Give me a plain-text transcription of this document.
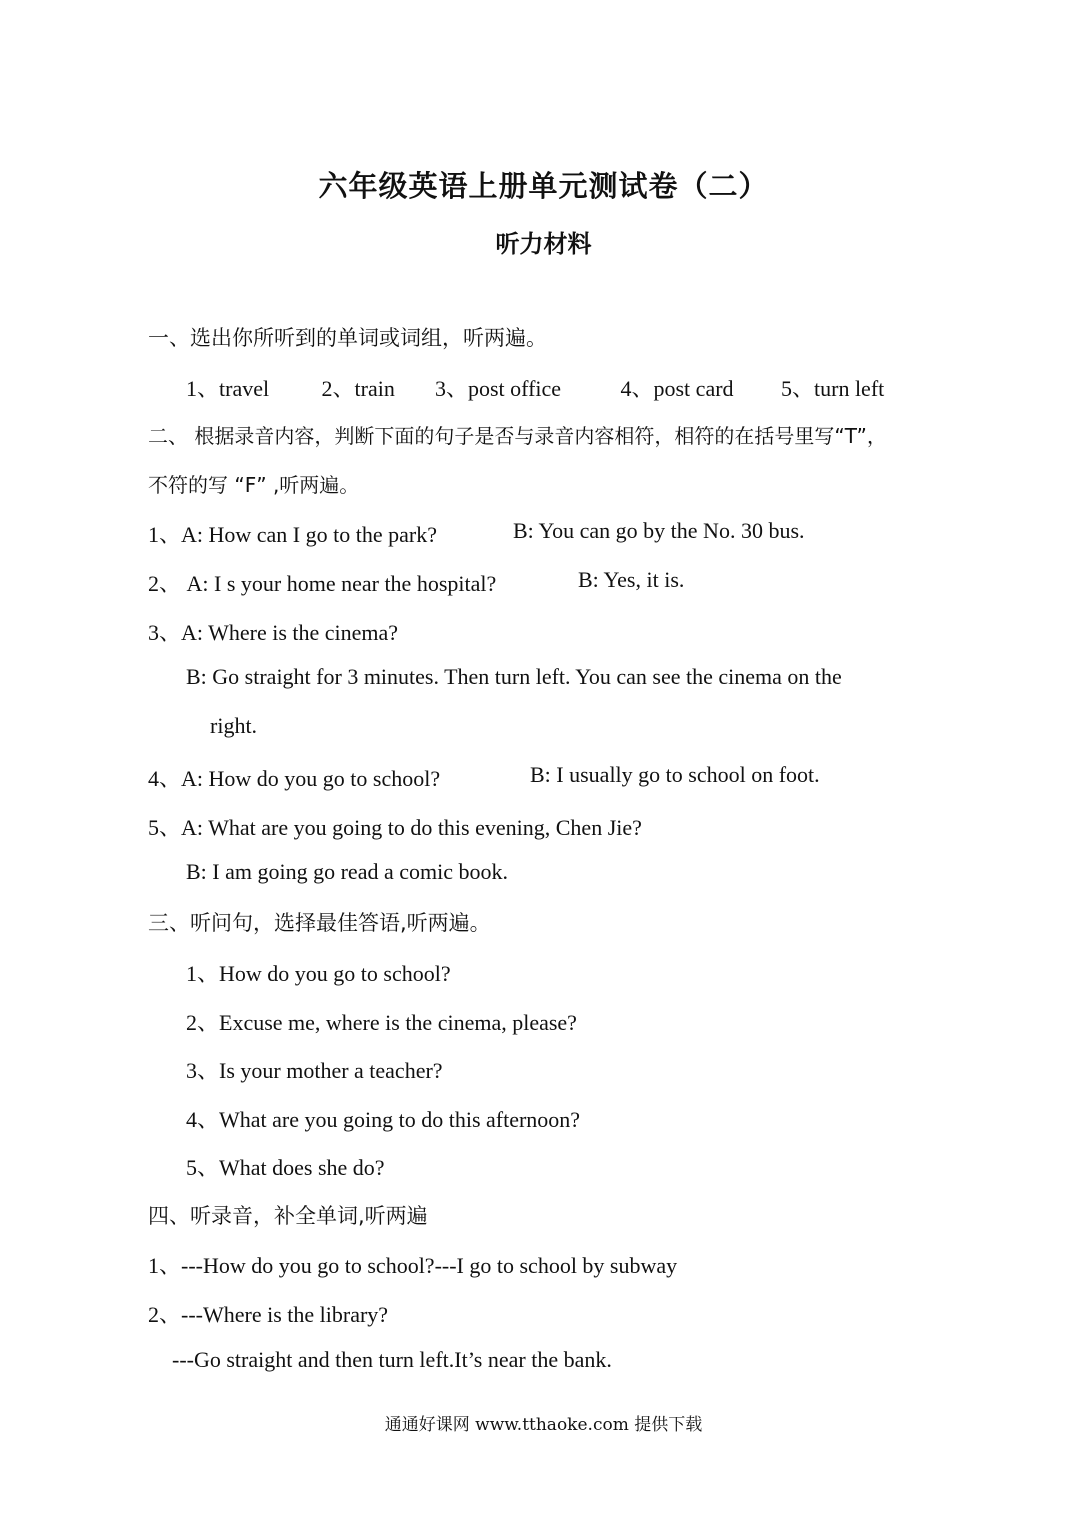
六年级英语上册单元测试卷（二）
听力材料
一、选出你所听到的单词或词组，听两遍。
1、travel 2、train 3、post office	4、post card 5、turn left
二、 根据录音内容，判断下面的句子是否与录音内容相符，相符的在括号里写“T”，
不符的写 “F” ,听两遍。
1、A: How can I go to the park?	B: You can go by the No. 30 bus.
2、 A: I s your home near the hospital?	B: Yes, it is.
3、A: Where is the cinema?
B: Go straight for 3 minutes. Then turn left. You can see the cinema on the
right.
4、A: How do you go to school?	B: I usually go to school on foot.
5、A: What are you going to do this evening, Chen Jie?
B: I am going go read a comic book.
三、听问句，选择最佳答语,听两遍。
1、How do you go to school?
2、Excuse me, where is the cinema, please?
3、Is your mother a teacher?
4、What are you going to do this afternoon?
5、What does she do?
四、听录音，补全单词,听两遍
1、---How do you go to school?---I go to school by subway
2、---Where is the library?
---Go straight and then turn left.It’s near the bank.
通通好课网 www.tthaoke.com 提供下载
